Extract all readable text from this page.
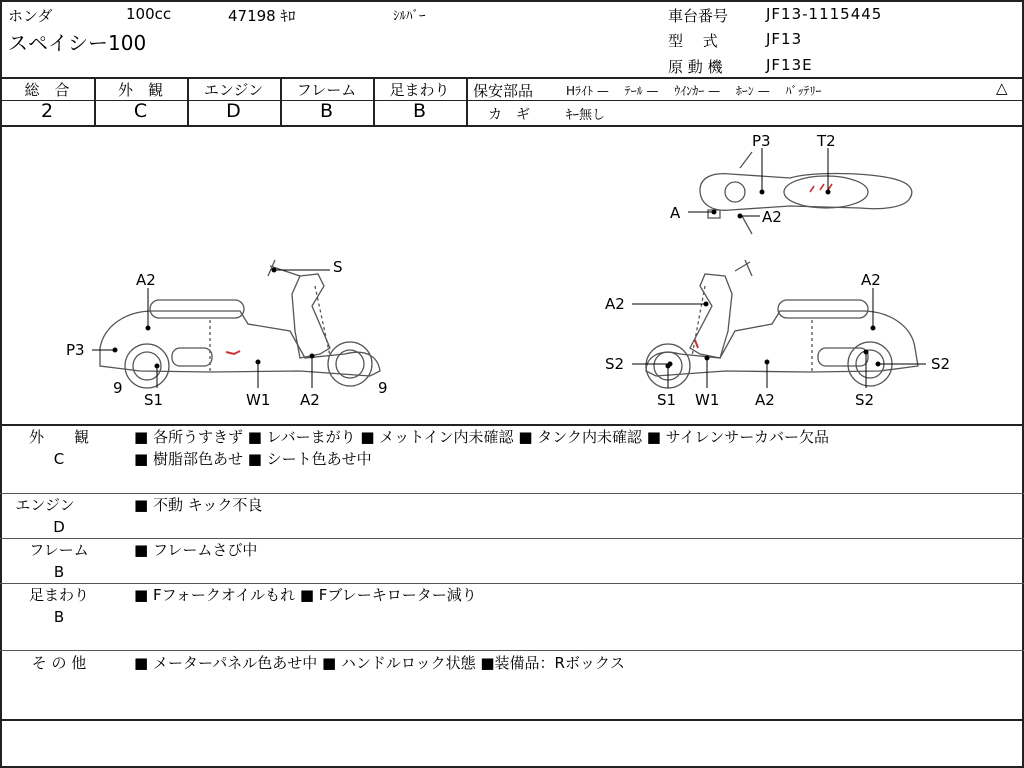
ホンダ	100cc	47198 ｷﾛ	ｼﾙﾊﾞｰ
スペイシー100
車台番号	JF13-1115445
型　 式	JF13
原 動 機	JF13E
総　合	外　観	エンジン	フレーム	足まわり
2	C	D	B	B
保安部品	Hﾗｲﾄ —　 ﾃｰﾙ —　 ｳｲﾝｶｰ —　 ﾎｰﾝ —　 ﾊﾞｯﾃﾘｰ	△
カ　ギ	ｷｰ無し
S
A2
P3
9	9
S1	W1 A2
A2
A2
S2	S2
S1 W1 A2	S2
P3	T2
A	A2
外　　観
C
■ 各所うすきず ■ レバーまがり ■ メットイン内未確認 ■ タンク内未確認 ■ サイレンサーカバー欠品
■ 樹脂部色あせ ■ シート色あせ中
エンジン
D
■ 不動 キック不良
フレーム
B
■ フレームさび中
足まわり
B
■ Fフォークオイルもれ ■ Fブレーキローター減り
そ の 他	■ メーターパネル色あせ中 ■ ハンドルロック状態 ■装備品：Rボックス
